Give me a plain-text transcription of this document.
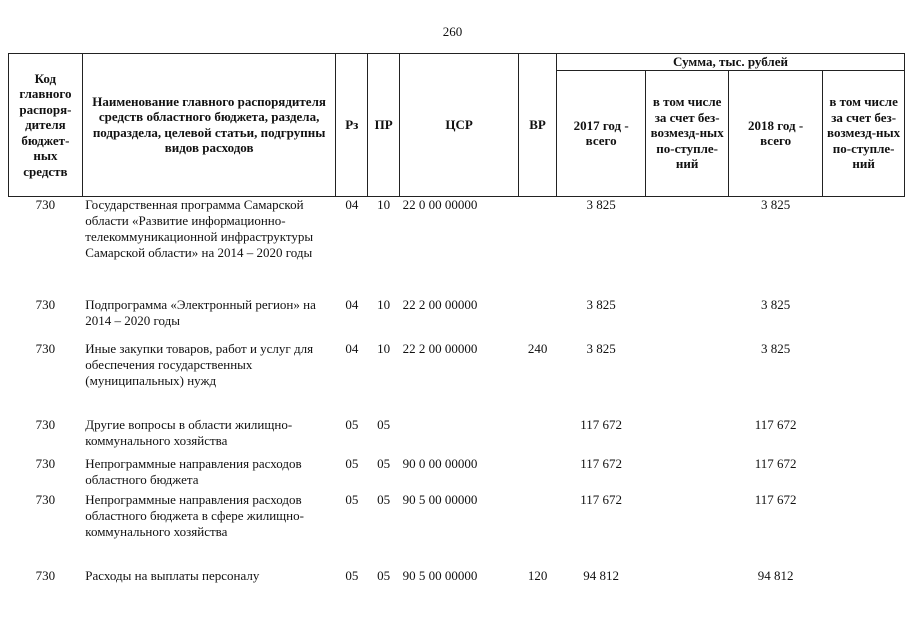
260
Код главного распоря-дителя бюджет-ных средств	Наименование главного распорядителя средств областного бюджета, раздела, подраздела, целевой статьи, подгрупны видов расходов	Рз	ПР	ЦСР	ВР	Сумма, тыс. рублей			
						2017 год - всего	в том числе за счет без-возмезд-ных по-ступле-ний	2018 год - всего	в том числе за счет без-возмезд-ных по-ступле-ний
730	Государственная программа Самарской области «Развитие информационно-телекоммуникационной инфраструктуры Самарской области» на 2014 – 2020 годы	04	10	22 0 00 00000		3 825		3 825	
730	Подпрограмма «Электронный регион» на 2014 – 2020 годы	04	10	22 2 00 00000		3 825		3 825	
730	Иные закупки товаров, работ и услуг для обеспечения государственных (муниципальных) нужд	04	10	22 2 00 00000	240	3 825		3 825	
730	Другие вопросы в области жилищно-коммунального хозяйства	05	05			117 672		117 672	
730	Непрограммные направления расходов областного бюджета	05	05	90 0 00 00000		117 672		117 672	
730	Непрограммные направления расходов областного бюджета в сфере жилищно-коммунального хозяйства	05	05	90 5 00 00000		117 672		117 672	
730	Расходы на выплаты персоналу	05	05	90 5 00 00000	120	94 812		94 812	
